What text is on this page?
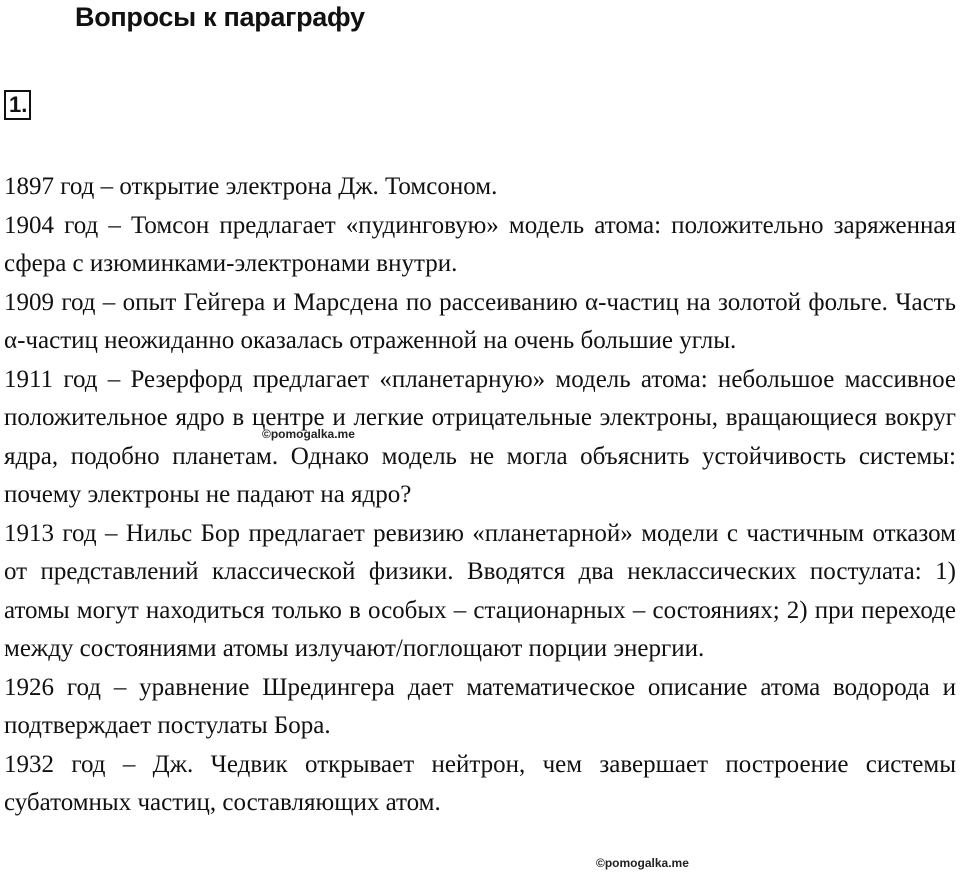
Вопросы к параграфу
1.

1897 год – открытие электрона Дж. Томсоном.

1904 год – Томсон предлагает «пудинговую» модель атома: положительно заряженная сфера с изюминками-электронами внутри.

1909 год – опыт Гейгера и Марсдена по рассеиванию α-частиц на золотой фольге. Часть α-частиц неожиданно оказалась отраженной на очень большие углы.

1911 год – Резерфорд предлагает «планетарную» модель атома: небольшое массивное положительное ядро в центре и легкие отрицательные электроны, вращающиеся вокруг ядра, подобно планетам. Однако модель не могла объяснить устойчивость системы: почему электроны не падают на ядро?

1913 год – Нильс Бор предлагает ревизию «планетарной» модели с частичным отказом от представлений классической физики. Вводятся два неклассических постулата: 1) атомы могут находиться только в особых – стационарных – состояниях; 2) при переходе между состояниями атомы излучают/поглощают порции энергии.

1926 год – уравнение Шредингера дает математическое описание атома водорода и подтверждает постулаты Бора.

1932 год – Дж. Чедвик открывает нейтрон, чем завершает построение системы субатомных частиц, составляющих атом.

©pomogalka.me
©pomogalka.me
